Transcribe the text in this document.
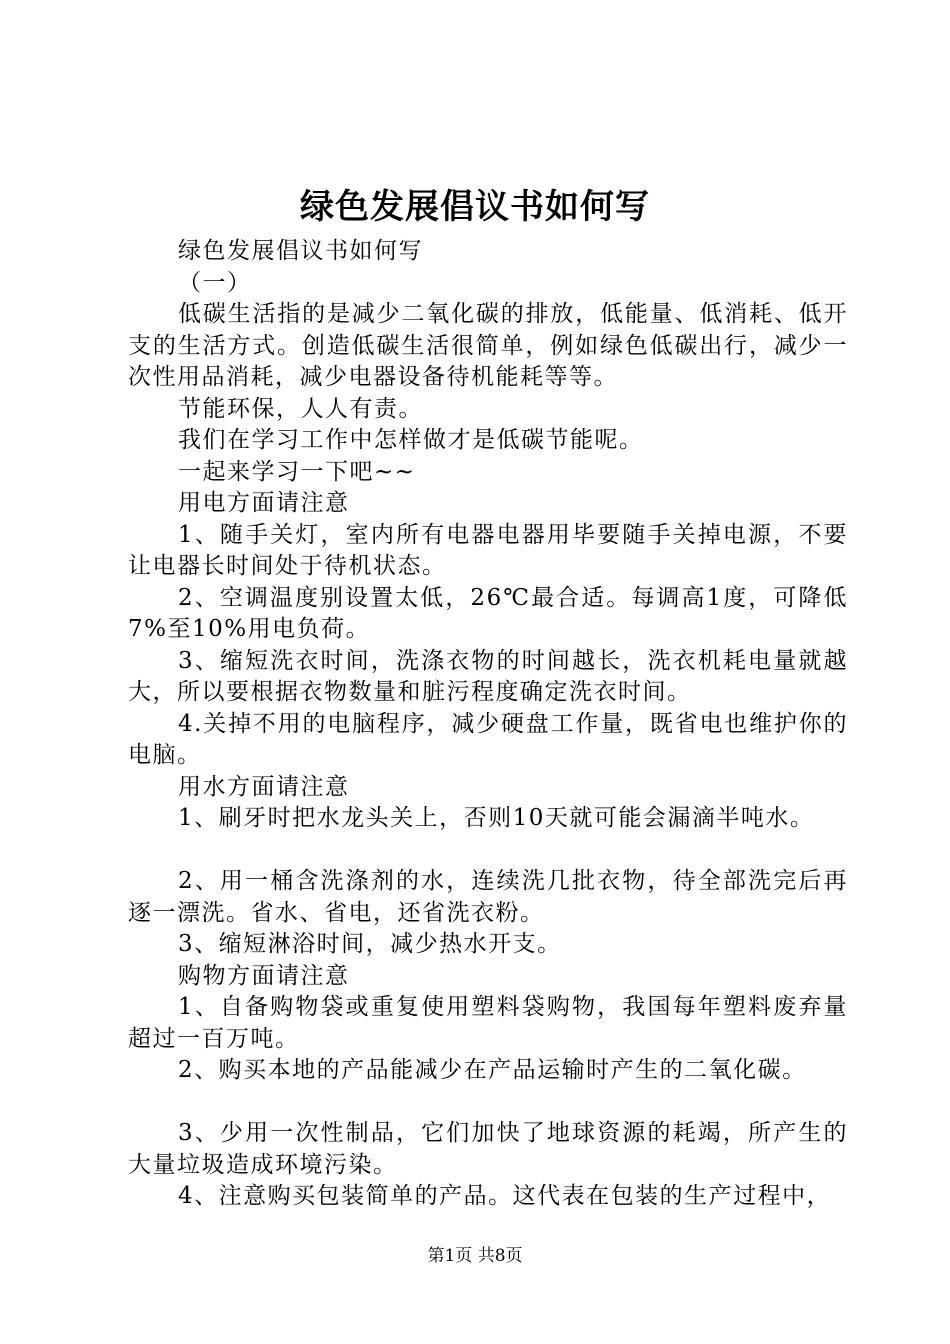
绿色发展倡议书如何写

绿色发展倡议书如何写

（一）

低碳生活指的是减少二氧化碳的排放，低能量、低消耗、低开支的生活方式。创造低碳生活很简单，例如绿色低碳出行，减少一次性用品消耗，减少电器设备待机能耗等等。

节能环保，人人有责。

我们在学习工作中怎样做才是低碳节能呢。

一起来学习一下吧~~

用电方面请注意

1、随手关灯，室内所有电器电器用毕要随手关掉电源，不要让电器长时间处于待机状态。

2、空调温度别设置太低，26℃最合适。每调高1度，可降低7%至10%用电负荷。

3、缩短洗衣时间，洗涤衣物的时间越长，洗衣机耗电量就越大，所以要根据衣物数量和脏污程度确定洗衣时间。

4.关掉不用的电脑程序，减少硬盘工作量，既省电也维护你的电脑。

用水方面请注意

1、刷牙时把水龙头关上，否则10天就可能会漏滴半吨水。

2、用一桶含洗涤剂的水，连续洗几批衣物，待全部洗完后再逐一漂洗。省水、省电，还省洗衣粉。

3、缩短淋浴时间，减少热水开支。

购物方面请注意

1、自备购物袋或重复使用塑料袋购物，我国每年塑料废弃量超过一百万吨。

2、购买本地的产品能减少在产品运输时产生的二氧化碳。

3、少用一次性制品，它们加快了地球资源的耗竭，所产生的大量垃圾造成环境污染。

4、注意购买包装简单的产品。这代表在包装的生产过程中，

第1页 共8页
